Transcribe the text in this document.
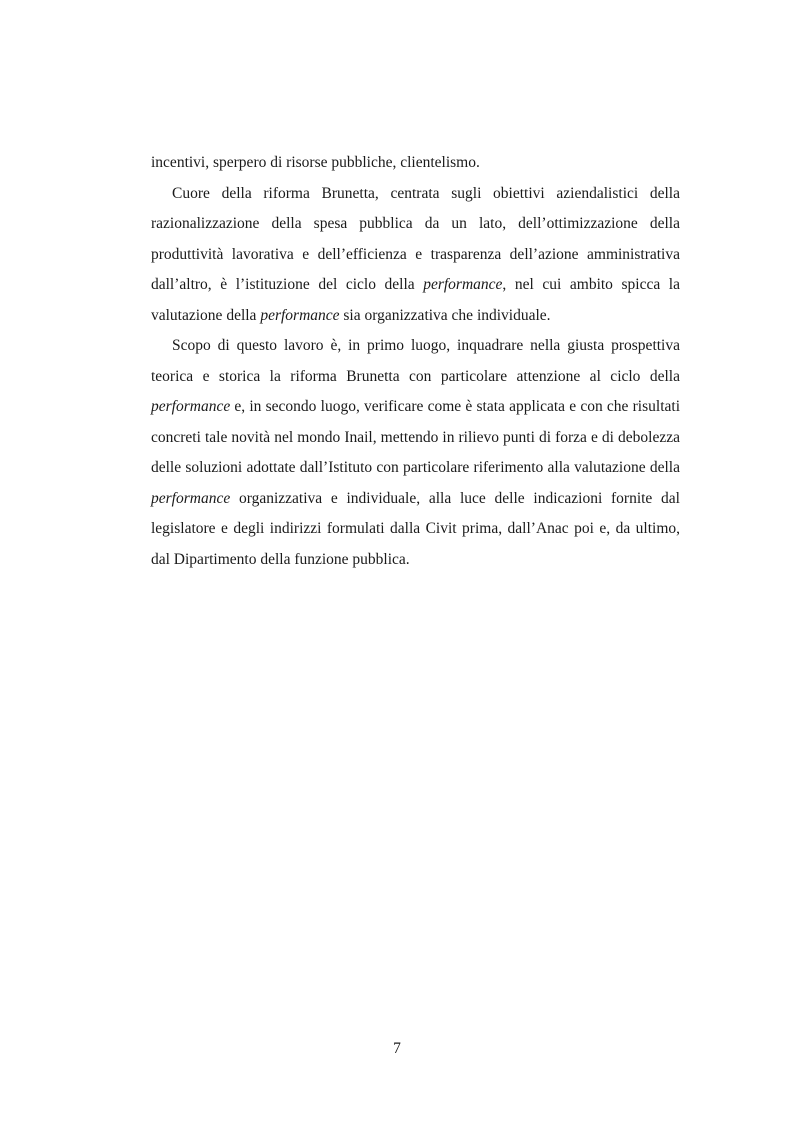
incentivi, sperpero di risorse pubbliche, clientelismo.

Cuore della riforma Brunetta, centrata sugli obiettivi aziendalistici della razionalizzazione della spesa pubblica da un lato, dell’ottimizzazione della produttività lavorativa e dell’efficienza e trasparenza dell’azione amministrativa dall’altro, è l’istituzione del ciclo della performance, nel cui ambito spicca la valutazione della performance sia organizzativa che individuale.

Scopo di questo lavoro è, in primo luogo, inquadrare nella giusta prospettiva teorica e storica la riforma Brunetta con particolare attenzione al ciclo della performance e, in secondo luogo, verificare come è stata applicata e con che risultati concreti tale novità nel mondo Inail, mettendo in rilievo punti di forza e di debolezza delle soluzioni adottate dall’Istituto con particolare riferimento alla valutazione della performance organizzativa e individuale, alla luce delle indicazioni fornite dal legislatore e degli indirizzi formulati dalla Civit prima, dall’Anac poi e, da ultimo, dal Dipartimento della funzione pubblica.

7
